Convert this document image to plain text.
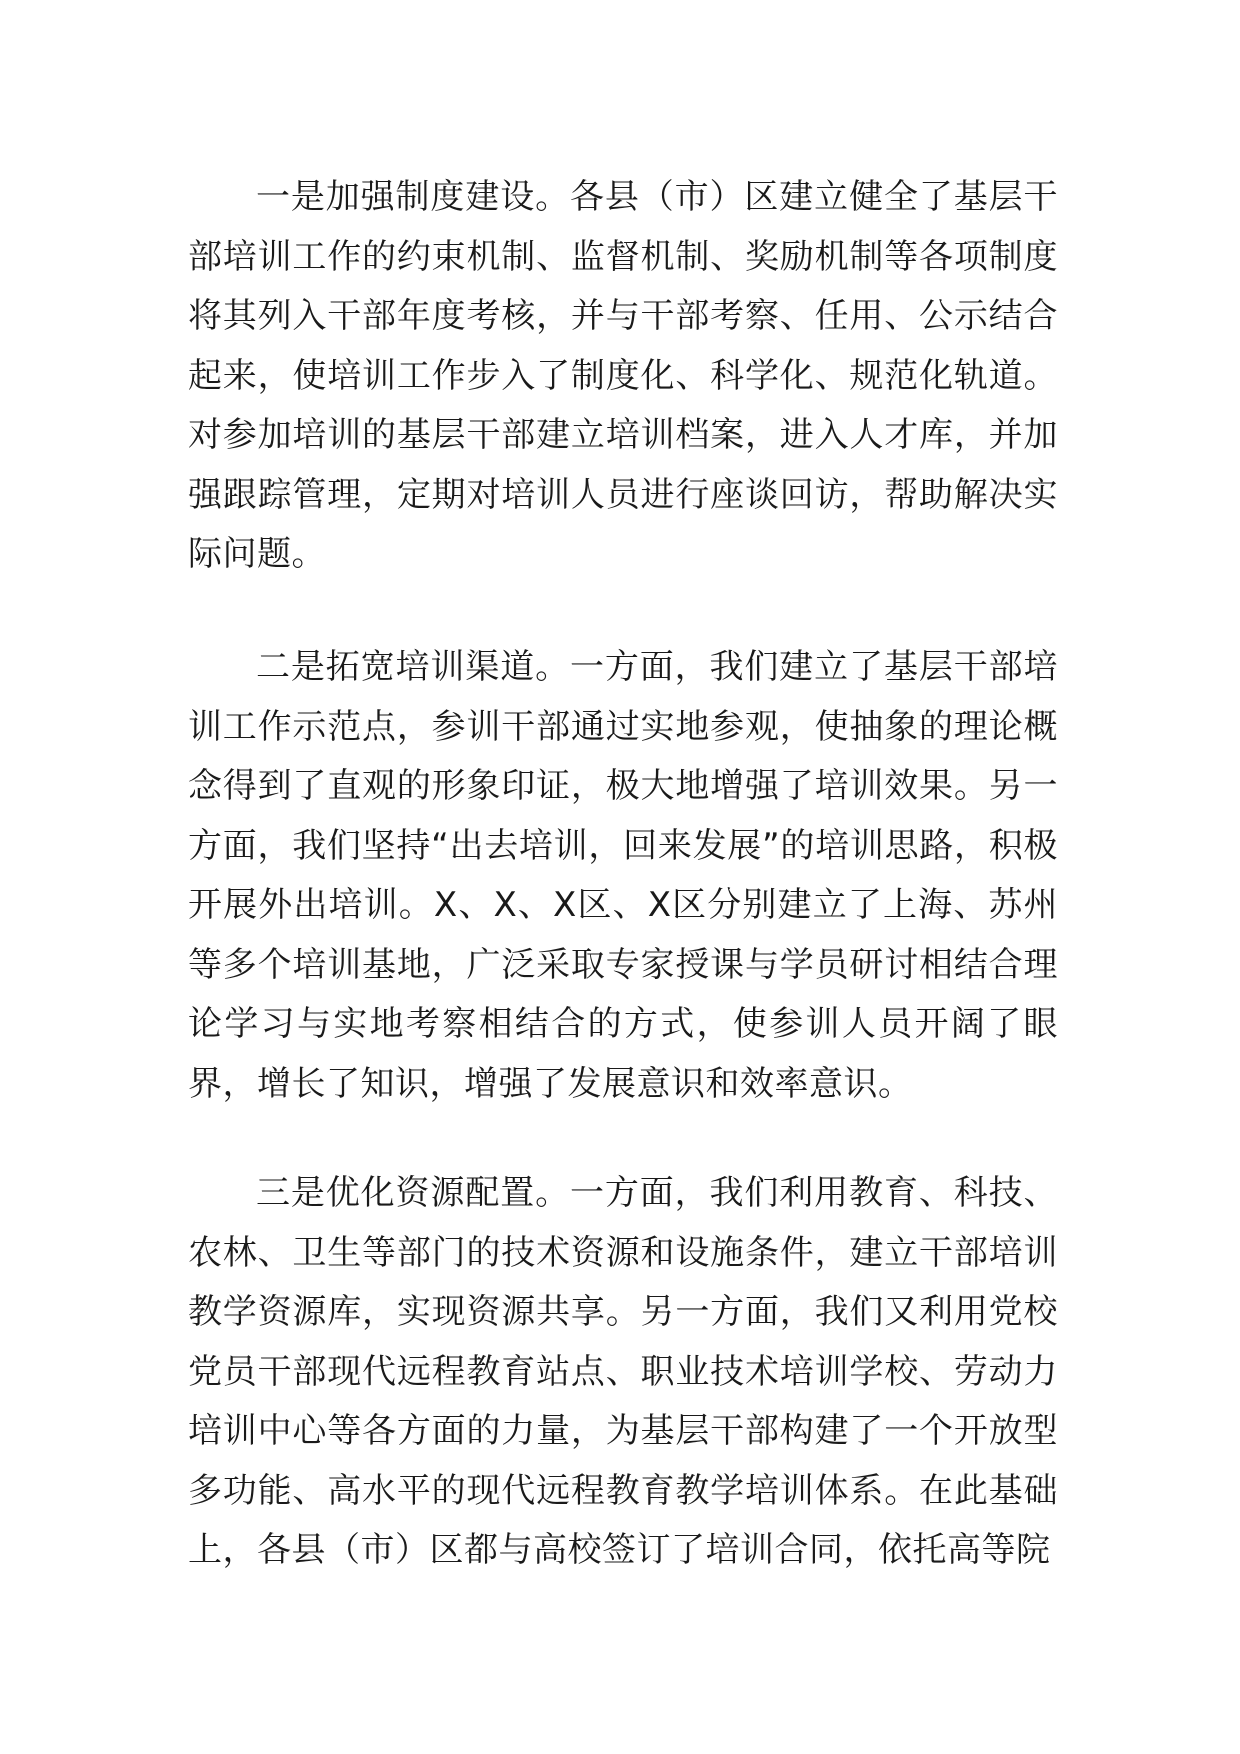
一是加强制度建设。各县（市）区建立健全了基层干部培训工作的约束机制、监督机制、奖励机制等各项制度将其列入干部年度考核，并与干部考察、任用、公示结合起来，使培训工作步入了制度化、科学化、规范化轨道。对参加培训的基层干部建立培训档案，进入人才库，并加强跟踪管理，定期对培训人员进行座谈回访，帮助解决实际问题。

二是拓宽培训渠道。一方面，我们建立了基层干部培训工作示范点，参训干部通过实地参观，使抽象的理论概念得到了直观的形象印证，极大地增强了培训效果。另一方面，我们坚持“出去培训，回来发展”的培训思路，积极开展外出培训。X、X、X区、X区分别建立了上海、苏州等多个培训基地，广泛采取专家授课与学员研讨相结合理论学习与实地考察相结合的方式，使参训人员开阔了眼界，增长了知识，增强了发展意识和效率意识。

三是优化资源配置。一方面，我们利用教育、科技、农林、卫生等部门的技术资源和设施条件，建立干部培训教学资源库，实现资源共享。另一方面，我们又利用党校党员干部现代远程教育站点、职业技术培训学校、劳动力培训中心等各方面的力量，为基层干部构建了一个开放型多功能、高水平的现代远程教育教学培训体系。在此基础上，各县（市）区都与高校签订了培训合同，依托高等院
